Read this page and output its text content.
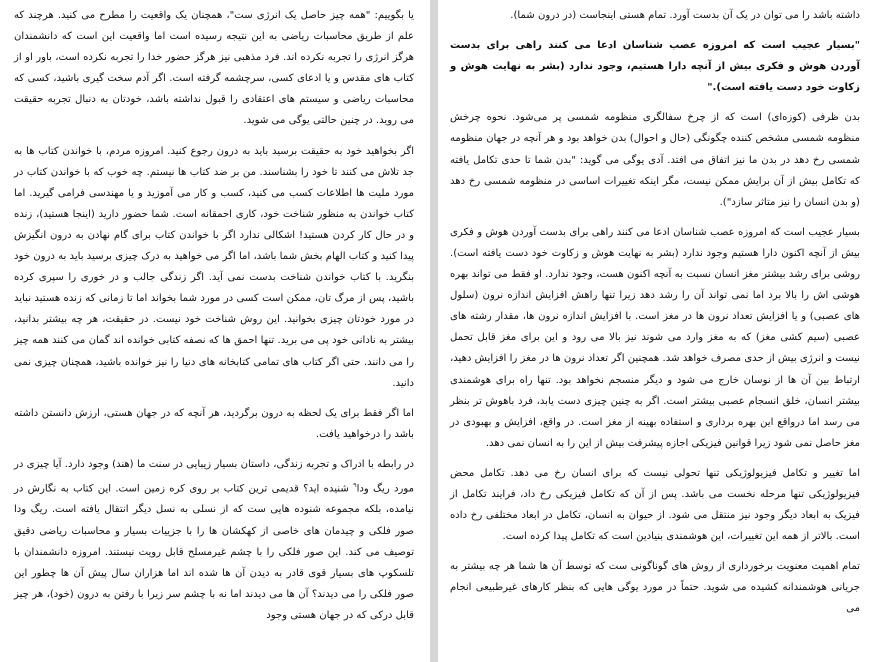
یا بگوییم: "همه چیز حاصل یک انرژی ست"، همچنان یک واقعیت را مطرح می کنید. هرچند که علم از طریق محاسبات ریاضی به این نتیجه رسیده است اما واقعیت این است که دانشمندان هرگز انرژی را تجربه نکرده اند. فرد مذهبی نیز هرگز حضور خدا را تجربه نکرده است، باور او از کتاب های مقدس و یا ادعای کسی، سرچشمه گرفته است. اگر آدم سخت گیری باشید، کسی که محاسبات ریاضی و سیستم های اعتقادی را قبول نداشته باشد، خودتان به دنبال تجربه حقیقت می روید. در چنین حالتی یوگی می شوید.

اگر بخواهید خود به حقیقت برسید باید به درون رجوع کنید. امروزه مردم، با خواندن کتاب ها به جد تلاش می کنند تا خود را بشناسند. من بر ضد کتاب ها نیستم. چه خوب که با خواندن کتاب در مورد ملیت ها اطلاعات کسب می کنید، کسب و کار می آموزید و یا مهندسی فرامی گیرید. اما کتاب خواندن به منظور شناخت خود، کاری احمقانه است. شما حضور دارید (اینجا هستید)، زنده و در حال کار کردن هستید! اشکالی ندارد اگر با خواندن کتاب برای گام نهادن به درون انگیزش پیدا کنید و کتاب الهام بخش شما باشد، اما اگر می خواهید به درک چیزی برسید باید به درون خود بنگرید. با کتاب خواندن شناخت بدست نمی آید. اگر زندگی جالب و در خوری را سپری کرده باشید، پس از مرگ تان، ممکن است کسی در مورد شما بخواند اما تا زمانی که زنده هستید نباید در مورد خودتان چیزی بخوانید. این روش شناخت خود نیست. در حقیقت، هر چه بیشتر بدانید، بیشتر به نادانی خود پی می برید. تنها احمق ها که نصفه کتابی خوانده اند گمان می کنند همه چیز را می دانند. حتی اگر کتاب های تمامی کتابخانه های دنیا را نیز خوانده باشید، همچنان چیزی نمی دانید.

اما اگر فقط برای یک لحظه به درون برگردید، هر آنچه که در جهان هستی، ارزش دانستن داشته باشد را درخواهید یافت.

در رابطه با ادراک و تجربه زندگی، داستان بسیار زیبایی در سنت ما (هند) وجود دارد. آیا چیزی در مورد ریگ ودا$^۹$ شنیده اید؟ قدیمی ترین کتاب بر روی کره زمین است. این کتاب به نگارش در نیامده، بلکه مجموعه شنوده هایی ست که از نسلی به نسل دیگر انتقال یافته است. ریگ ودا صور فلکی و چیدمان های خاصی از کهکشان ها را با جزییات بسیار و محاسبات ریاضی دقیق توصیف می کند. این صور فلکی را با چشم غیرمسلح قابل رویت نیستند. امروزه دانشمندان با تلسکوپ های بسیار قوی قادر به دیدن آن ها شده اند اما هزاران سال پیش آن ها چطور این صور فلکی را می دیدند؟ آن ها می دیدند اما نه با چشم سر زیرا با رفتن به درون (خود)، هر چیز قابل درکی که در جهان هستی وجود

داشته باشد را می توان در یک آن بدست آورد. تمام هستی اینجاست (در درون شما).

"بسیار عجیب است که امروزه عصب شناسان ادعا می کنند راهی برای بدست آوردن هوش و فکری بیش از آنچه دارا هستیم، وجود ندارد (بشر به نهایت هوش و زکاوت خود دست یافته است)."

بدن ظرفی (کوزه‌ای) است که از چرخ سفالگری منظومه شمسی پر می‌شود. نحوه چرخش منظومه شمسی مشخص کننده چگونگی (حال و احوال) بدن خواهد بود و هر آنچه در جهان منظومه شمسی رخ دهد در بدن ما نیز اتفاق می افتد. آدی یوگی می گوید: "بدن شما تا حدی تکامل یافته که تکامل بیش از آن برایش ممکن نیست، مگر اینکه تغییرات اساسی در منظومه شمسی رخ دهد (و بدن انسان را نیز متاثر سازد").

بسیار عجیب است که امروزه عصب شناسان ادعا می کنند راهی برای بدست آوردن هوش و فکری بیش از آنچه اکنون دارا هستیم وجود ندارد (بشر به نهایت هوش و زکاوت خود دست یافته است). روشی برای رشد بیشتر مغز انسان نسبت به آنچه اکنون هست، وجود ندارد. او فقط می تواند بهره هوشی اش را بالا برد اما نمی تواند آن را رشد دهد زیرا تنها راهش افزایش اندازه نرون (سلول های عصبی) و یا افزایش تعداد نرون ها در مغز است. با افزایش اندازه نرون ها، مقدار رشته های عصبی (سیم کشی مغز) که به مغز وارد می شوند نیز بالا می رود و این برای مغز قابل تحمل نیست و انرژی بیش از حدی مصرف خواهد شد. همچنین اگر تعداد نرون ها در مغز را افزایش دهید، ارتباط بین آن ها از نوسان خارج می شود و دیگر منسجم نخواهد بود. تنها راه برای هوشمندی بیشتر انسان، خلق انسجام عصبی بیشتر است. اگر به چنین چیزی دست یابد، فرد باهوش تر بنظر می رسد اما درواقع این بهره برداری و استفاده بهینه از مغز است. در واقع، افزایش و بهبودی در مغز حاصل نمی شود زیرا قوانین فیزیکی اجازه پیشرفت بیش از این را به انسان نمی دهد.

اما تغییر و تکامل فیزیولوژیکی تنها تحولی نیست که برای انسان رخ می دهد. تکامل محض فیزیولوژیکی تنها مرحله نخست می باشد. پس از آن که تکامل فیزیکی رخ داد، فرایند تکامل از فیزیک به ابعاد دیگر وجود نیز منتقل می شود. از حیوان به انسان، تکامل در ابعاد مختلفی رخ داده است. بالاتر از همه این تغییرات، این هوشمندی بنیادین است که تکامل پیدا کرده است.

تمام اهمیت معنویت برخورداری از روش های گوناگونی ست که توسط آن ها شما هر چه بیشتر به جریانی هوشمندانه کشیده می شوید. حتماً در مورد یوگی هایی که بنظر کارهای غیرطبیعی انجام می
